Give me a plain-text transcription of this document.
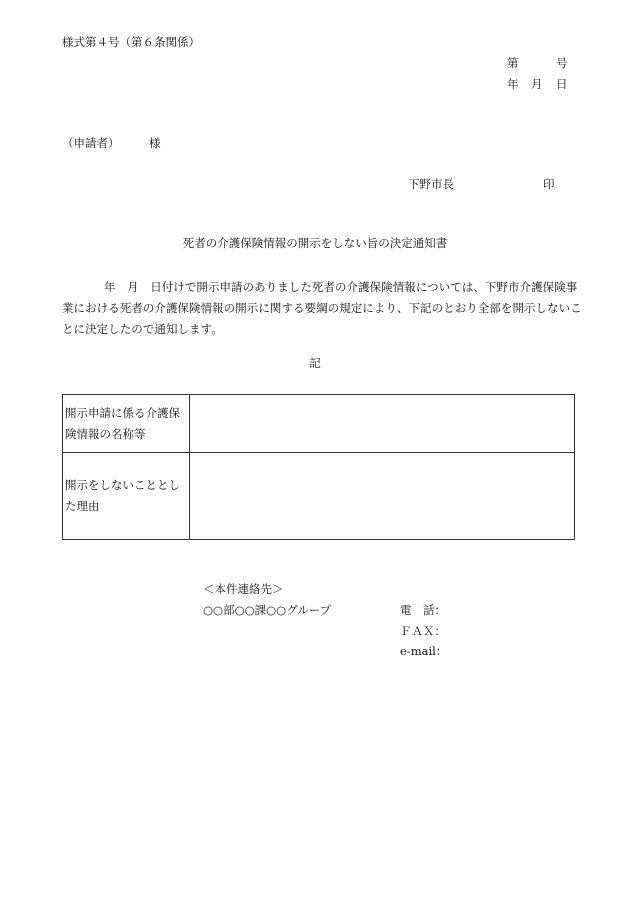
様式第４号（第６条関係）
第	号
年 月 日
（申請者）	様
下野市長	印
死者の介護保険情報の開示をしない旨の決定通知書
年　月　日付けで開示申請のありました死者の介護保険情報については、下野市介護保険事業における死者の介護保険情報の開示に関する要綱の規定により、下記のとおり全部を開示しないことに決定したので通知します。
記
開示申請に係る介護保険情報の名称等	
開示をしないこととした理由	
＜本件連絡先＞
○○部○○課○○グループ	電　話：
ＦＡＸ：
e-mail：
